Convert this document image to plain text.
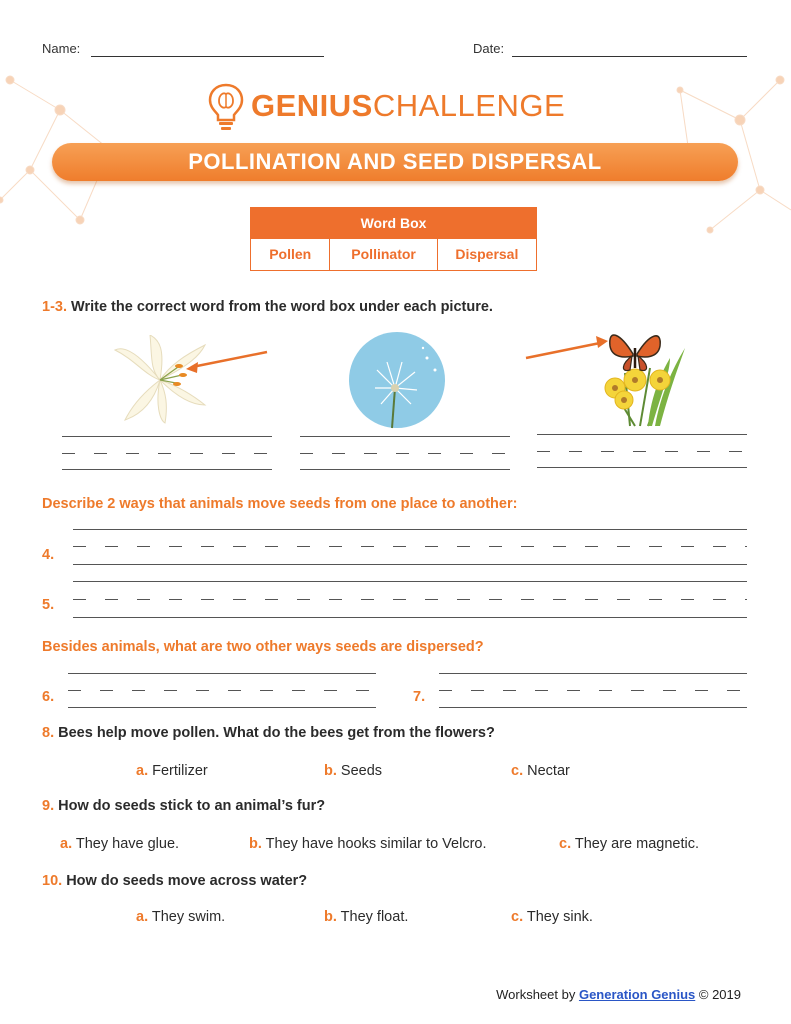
Name:	Date:
GENIUSCHALLENGE
POLLINATION AND SEED DISPERSAL
Word Box
Pollen	Pollinator	Dispersal
1-3. Write the correct word from the word box under each picture.
Describe 2 ways that animals move seeds from one place to another:
4.
5.
Besides animals, what are two other ways seeds are dispersed?
6.	7.
8. Bees help move pollen. What do the bees get from the flowers?
a. Fertilizer	b. Seeds	c. Nectar
9. How do seeds stick to an animal’s fur?
a. They have glue.	b. They have hooks similar to Velcro.	c. They are magnetic.
10. How do seeds move across water?
a. They swim.	b. They float.	c. They sink.
Worksheet by Generation Genius © 2019
